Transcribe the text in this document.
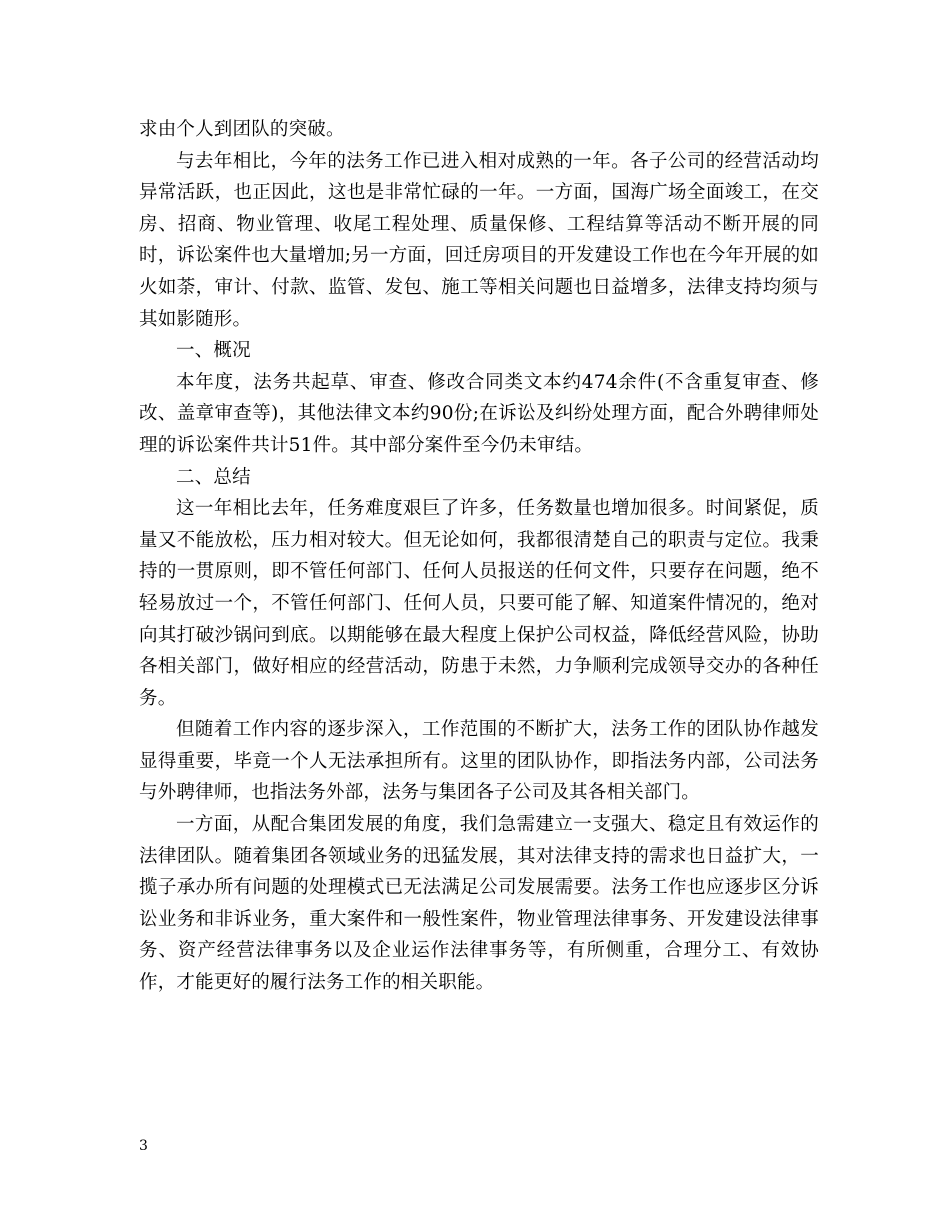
求由个人到团队的突破。

与去年相比，今年的法务工作已进入相对成熟的一年。各子公司的经营活动均异常活跃，也正因此，这也是非常忙碌的一年。一方面，国海广场全面竣工，在交房、招商、物业管理、收尾工程处理、质量保修、工程结算等活动不断开展的同时，诉讼案件也大量增加;另一方面，回迁房项目的开发建设工作也在今年开展的如火如荼，审计、付款、监管、发包、施工等相关问题也日益增多，法律支持均须与其如影随形。

一、概况

本年度，法务共起草、审查、修改合同类文本约474余件(不含重复审查、修改、盖章审查等)，其他法律文本约90份;在诉讼及纠纷处理方面，配合外聘律师处理的诉讼案件共计51件。其中部分案件至今仍未审结。

二、总结

这一年相比去年，任务难度艰巨了许多，任务数量也增加很多。时间紧促，质量又不能放松，压力相对较大。但无论如何，我都很清楚自己的职责与定位。我秉持的一贯原则，即不管任何部门、任何人员报送的任何文件，只要存在问题，绝不轻易放过一个，不管任何部门、任何人员，只要可能了解、知道案件情况的，绝对向其打破沙锅问到底。以期能够在最大程度上保护公司权益，降低经营风险，协助各相关部门，做好相应的经营活动，防患于未然，力争顺利完成领导交办的各种任务。

但随着工作内容的逐步深入，工作范围的不断扩大，法务工作的团队协作越发显得重要，毕竟一个人无法承担所有。这里的团队协作，即指法务内部，公司法务与外聘律师，也指法务外部，法务与集团各子公司及其各相关部门。

一方面，从配合集团发展的角度，我们急需建立一支强大、稳定且有效运作的法律团队。随着集团各领域业务的迅猛发展，其对法律支持的需求也日益扩大，一揽子承办所有问题的处理模式已无法满足公司发展需要。法务工作也应逐步区分诉讼业务和非诉业务，重大案件和一般性案件，物业管理法律事务、开发建设法律事务、资产经营法律事务以及企业运作法律事务等，有所侧重，合理分工、有效协作，才能更好的履行法务工作的相关职能。

3
